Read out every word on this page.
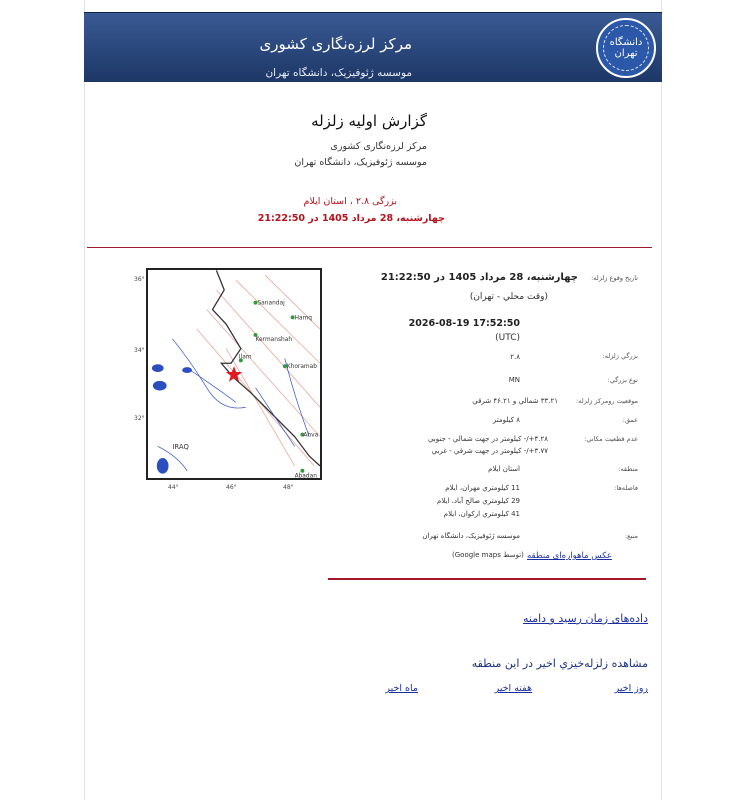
مرکز لرزه‌نگاری کشوری
موسسه ژئوفیزیک، دانشگاه تهران
دانشگاه تهران
گزارش اولیه زلزله
مرکز لرزه‌نگاری کشوری
موسسه ژئوفیزیک، دانشگاه تهران
بزرگی ۲.۸ ، استان ایلام
چهارشنبه، 28 مرداد 1405 در 21:22:50
Sanandaj
Hamq
Kermanshah
Ilam
Khoramab
IRAQ
Ahva
Abadan
36°
34°
32°
44°	46°	48°
تاریخ وقوع زلزله:
چهارشنبه، 28 مرداد 1405 در 21:22:50
(وقت محلي - تهران)
2026-08-19 17:52:50
(UTC)
بزرگي زلزله:
۲.۸
نوع بزرگي:
MN
موقعيت رومرکز زلزله:
۳۳.۲۱ شمالي و ۴۶.۲۱ شرقي
عمق:
۸ کيلومتر
عدم قطعيت مکاني:
۴.۲۸+/- کيلومتر در جهت شمالي - جنوبي
۳.۷۷+/- کيلومتر در جهت شرقي - غربي
منطقه:
استان ايلام
فاصله‌ها:
11 کيلومتري مهران، ايلام
29 کيلومتري صالح آباد، ايلام
41 کيلومتري ارکوان، ايلام
منبع:
موسسه ژئوفيزيک، دانشگاه تهران
عکس ماهواره‌ای منطقه
(توسط Google maps)
داده‌های زمان رسيد و دامنه
مشاهده زلزله‌خيزي اخير در اين منطقه
روز اخير
هفته اخير
ماه اخير
